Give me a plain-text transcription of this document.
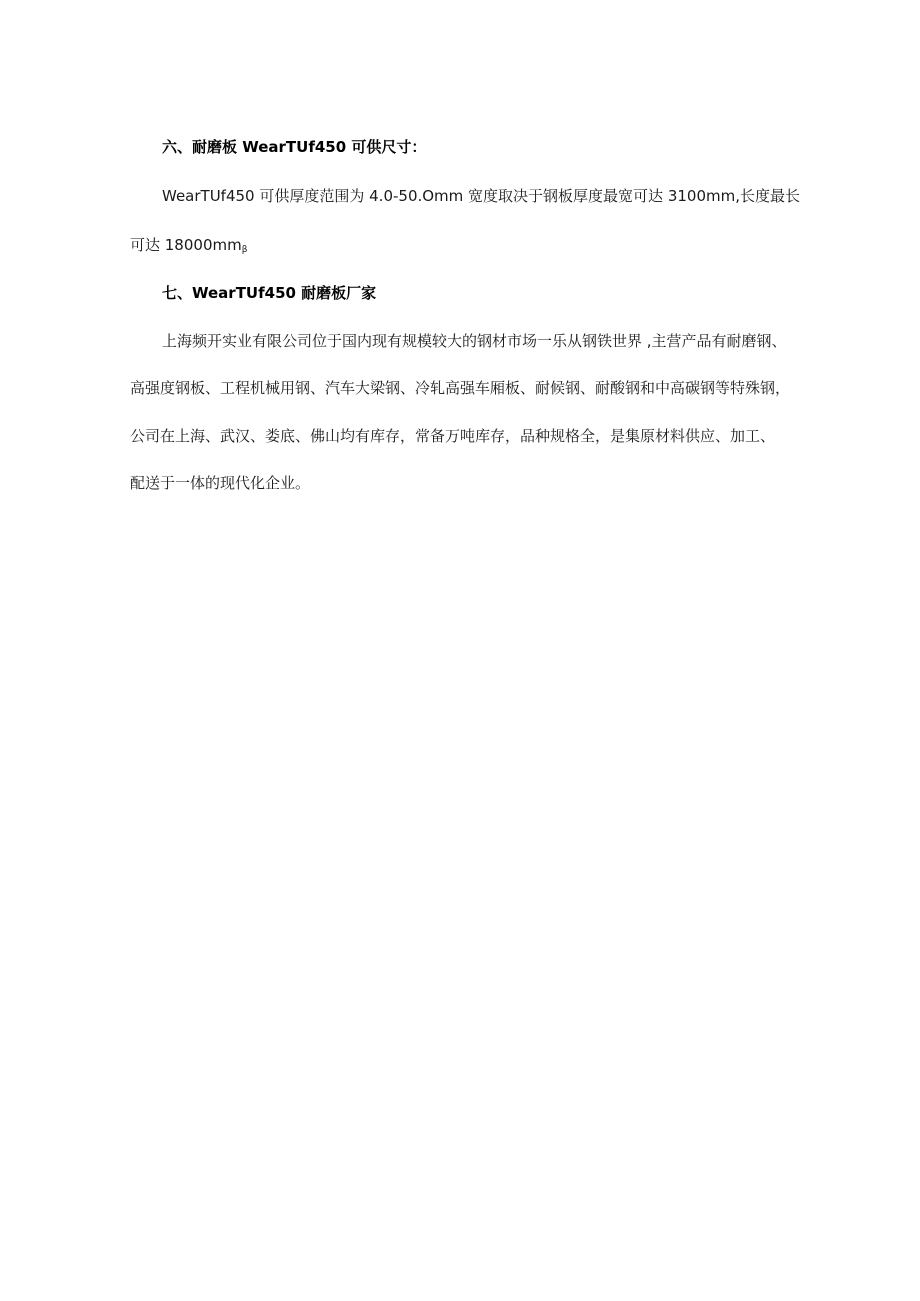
六、耐磨板 WearTUf450 可供尺寸：
WearTUf450 可供厚度范围为 4.0-50.Omm 宽度取决于钢板厚度最宽可达 3100mm,长度最长
可达 $18000mm_\beta$
七、WearTUf450 耐磨板厂家
上海频开实业有限公司位于国内现有规模较大的钢材市场一乐从钢铁世界 ,主营产品有耐磨钢、
高强度钢板、工程机械用钢、汽车大梁钢、冷轧高强车厢板、耐候钢、耐酸钢和中高碳钢等特殊钢，
公司在上海、武汉、娄底、佛山均有库存，常备万吨库存，品种规格全，是集原材料供应、加工、
配送于一体的现代化企业。
